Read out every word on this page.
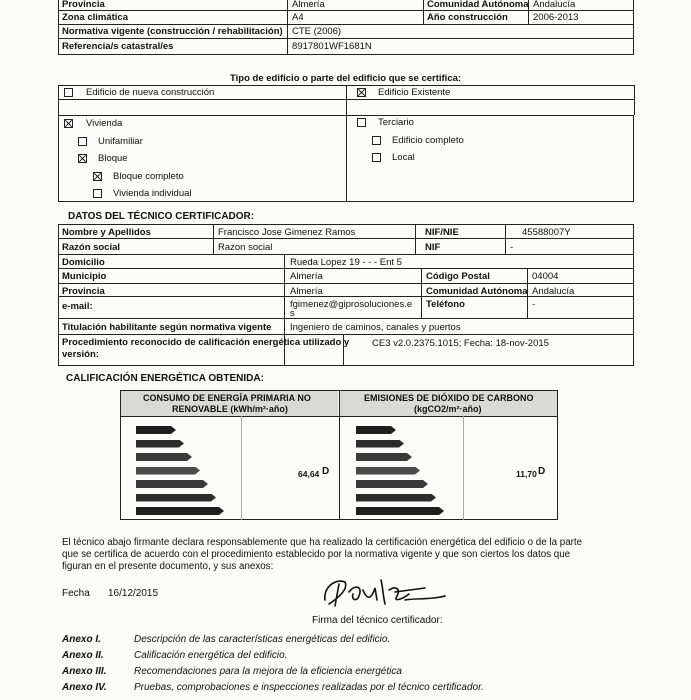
Provincia	Almería	Comunidad Autónoma Andalucía
Zona climática	A4	Año construcción	2006-2013
Normativa vigente (construcción / rehabilitación) CTE (2006)
Referencia/s catastral/es	8917801WF1681N
Tipo de edificio o parte del edificio que se certifica:
Edificio de nueva construcción	Edificio Existente
Vivienda
Unifamiliar
Bloque
Bloque completo
Vivienda individual
Terciario
Edificio completo
Local
DATOS DEL TÉCNICO CERTIFICADOR:
Nombre y Apellidos	Francisco Jose Gimenez Ramos	NIF/NIE	45588007Y
Razón social	Razon social	NIF	-
Domicilio	Rueda Lopez 19 - - - Ent 5
Municipio	Almería	Código Postal	04004
Provincia	Almería	Comunidad Autónoma Andalucía
e-mail:	fgimenez@giprosoluciones.e
s
Teléfono	-
Titulación habilitante según normativa vigente Ingeniero de caminos, canales y puertos
Procedimiento reconocido de calificación energética utilizado y
versión:
CE3 v2.0.2375.1015; Fecha: 18-nov-2015
CALIFICACIÓN ENERGÉTICA OBTENIDA:
CONSUMO DE ENERGÍA PRIMARIA NO
RENOVABLE (kWh/m²·año)
EMISIONES DE DIÓXIDO DE CARBONO
(kgCO2/m²·año)
64,64 D	11,70 D
El técnico abajo firmante declara responsablemente que ha realizado la certificación energética del edificio o de la parte
que se certifica de acuerdo con el procedimiento establecido por la normativa vigente y que son ciertos los datos que
figuran en el presente documento, y sus anexos:
Fecha 16/12/2015
Firma del técnico certificador:
Anexo I.	Descripción de las características energéticas del edificio.
Anexo II.	Calificación energética del edificio.
Anexo III.	Recomendaciones para la mejora de la eficiencia energética
Anexo IV.	Pruebas, comprobaciones e inspecciones realizadas por el técnico certificador.
